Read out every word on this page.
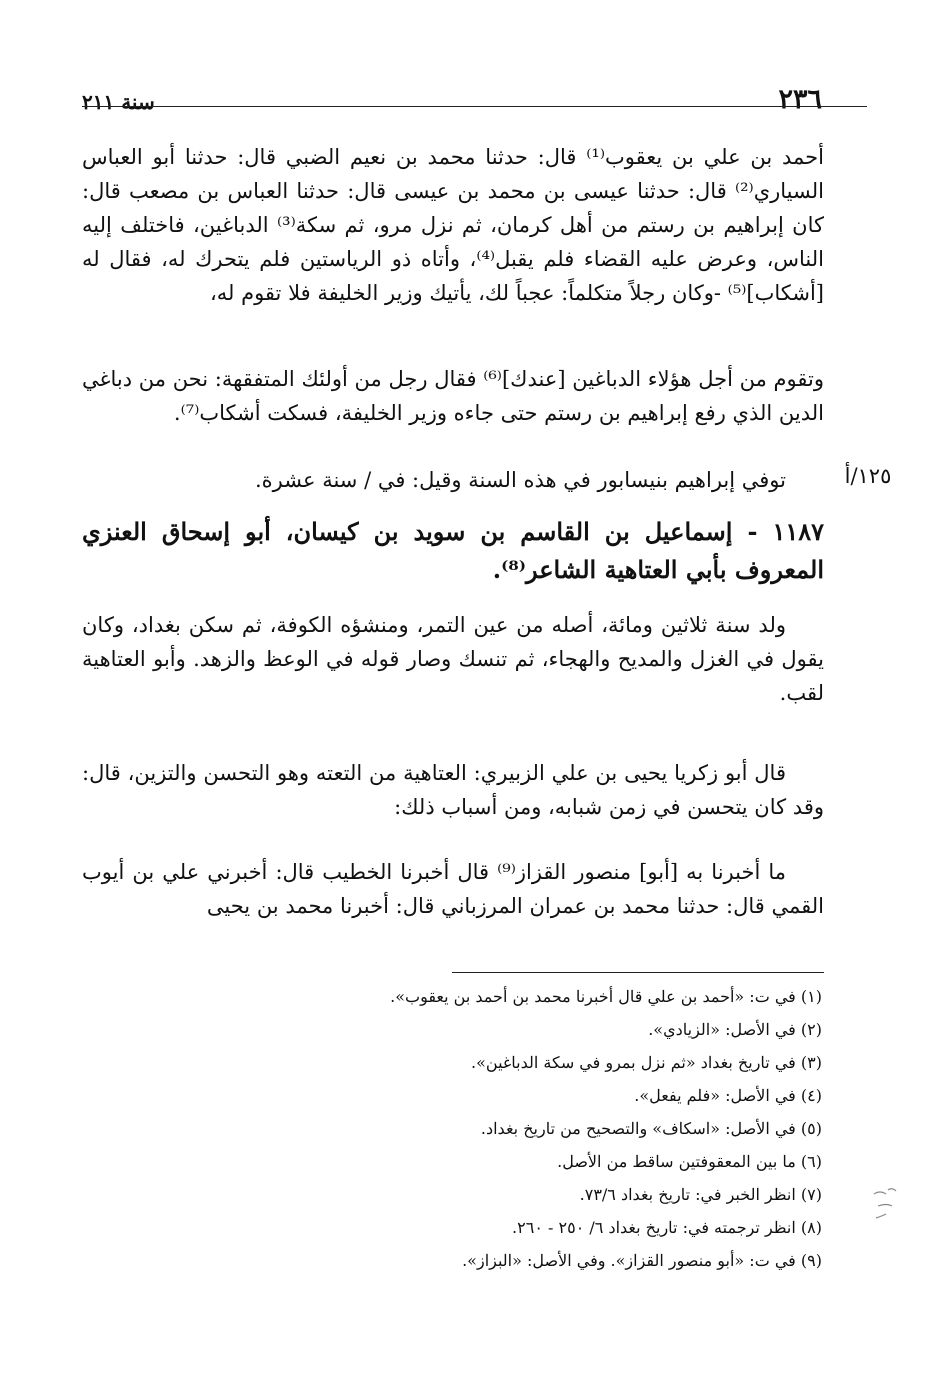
٢٣٦
سنة ٢١١
أحمد بن علي بن يعقوب⁽¹⁾ قال: حدثنا محمد بن نعيم الضبي قال: حدثنا أبو العباس السياري⁽²⁾ قال: حدثنا عيسى بن محمد بن عيسى قال: حدثنا العباس بن مصعب قال: كان إبراهيم بن رستم من أهل كرمان، ثم نزل مرو، ثم سكة⁽³⁾ الدباغين، فاختلف إليه الناس، وعرض عليه القضاء فلم يقبل⁽⁴⁾، وأتاه ذو الرياستين فلم يتحرك له، فقال له [أشكاب]⁽⁵⁾ -وكان رجلاً متكلماً: عجباً لك، يأتيك وزير الخليفة فلا تقوم له،
وتقوم من أجل هؤلاء الدباغين [عندك]⁽⁶⁾ فقال رجل من أولئك المتفقهة: نحن من دباغي الدين الذي رفع إبراهيم بن رستم حتى جاءه وزير الخليفة، فسكت أشكاب⁽⁷⁾.
١٢٥/أ
توفي إبراهيم بنيسابور في هذه السنة وقيل: في / سنة عشرة.
١١٨٧ - إسماعيل بن القاسم بن سويد بن كيسان، أبو إسحاق العنزي المعروف بأبي العتاهية الشاعر⁽⁸⁾.
ولد سنة ثلاثين ومائة، أصله من عين التمر، ومنشؤه الكوفة، ثم سكن بغداد، وكان يقول في الغزل والمديح والهجاء، ثم تنسك وصار قوله في الوعظ والزهد. وأبو العتاهية لقب.
قال أبو زكريا يحيى بن علي الزبيري: العتاهية من التعته وهو التحسن والتزين، قال: وقد كان يتحسن في زمن شبابه، ومن أسباب ذلك:
ما أخبرنا به [أبو] منصور القزاز⁽⁹⁾ قال أخبرنا الخطيب قال: أخبرني علي بن أيوب القمي قال: حدثنا محمد بن عمران المرزباني قال: أخبرنا محمد بن يحيى
(١) في ت: «أحمد بن علي قال أخبرنا محمد بن أحمد بن يعقوب».
(٢) في الأصل: «الزيادي».
(٣) في تاريخ بغداد «ثم نزل بمرو في سكة الدباغين».
(٤) في الأصل: «فلم يفعل».
(٥) في الأصل: «اسكاف» والتصحيح من تاريخ بغداد.
(٦) ما بين المعقوفتين ساقط من الأصل.
(٧) انظر الخبر في: تاريخ بغداد ٧٣/٦.
(٨) انظر ترجمته في: تاريخ بغداد ٦/ ٢٥٠ - ٢٦٠.
(٩) في ت: «أبو منصور القزاز». وفي الأصل: «البزاز».
